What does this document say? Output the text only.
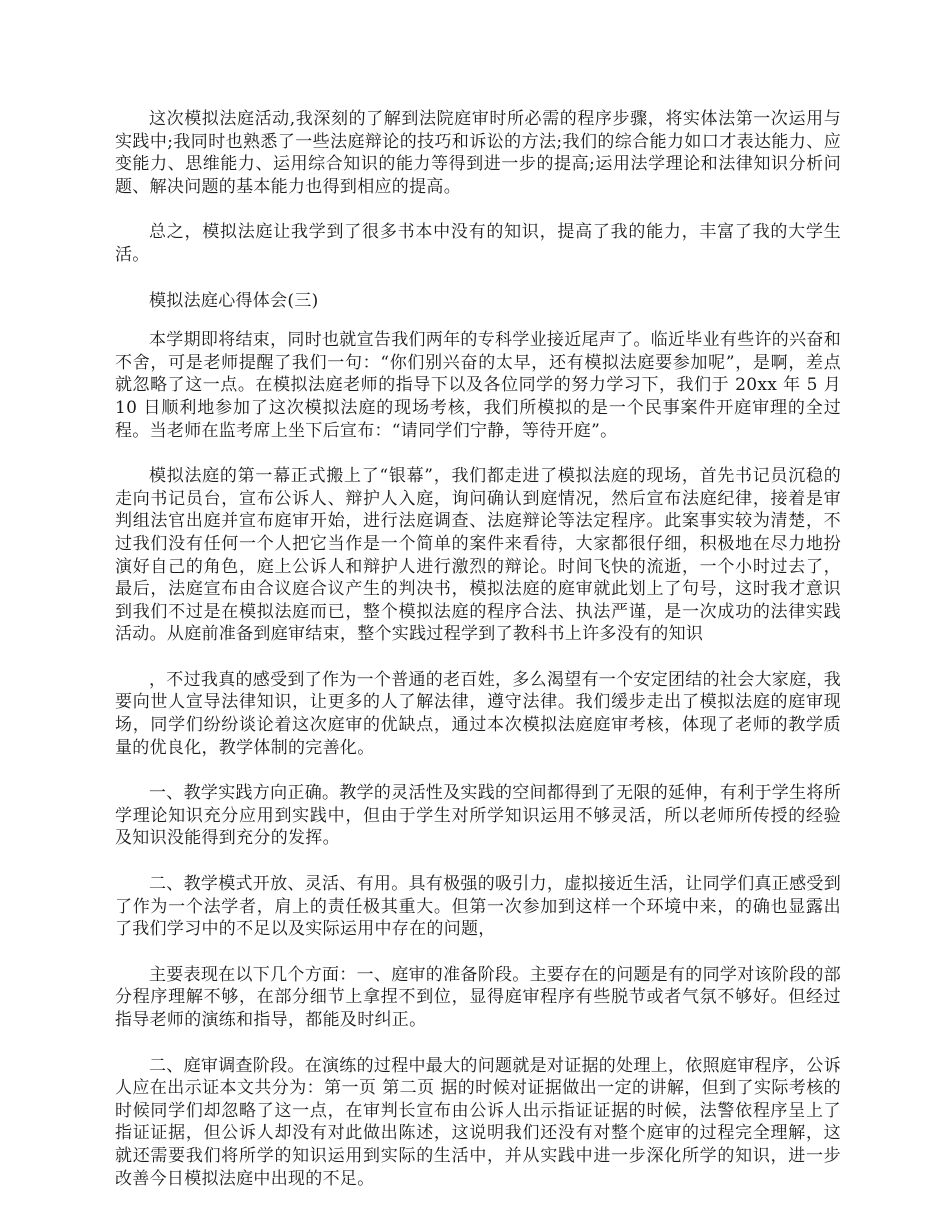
这次模拟法庭活动,我深刻的了解到法院庭审时所必需的程序步骤，将实体法第一次运用与实践中;我同时也熟悉了一些法庭辩论的技巧和诉讼的方法;我们的综合能力如口才表达能力、应变能力、思维能力、运用综合知识的能力等得到进一步的提高;运用法学理论和法律知识分析问题、解决问题的基本能力也得到相应的提高。

总之，模拟法庭让我学到了很多书本中没有的知识，提高了我的能力，丰富了我的大学生活。

模拟法庭心得体会(三)

本学期即将结束，同时也就宣告我们两年的专科学业接近尾声了。临近毕业有些许的兴奋和不舍，可是老师提醒了我们一句：“你们别兴奋的太早，还有模拟法庭要参加呢”，是啊，差点就忽略了这一点。在模拟法庭老师的指导下以及各位同学的努力学习下，我们于 20xx 年 5 月 10 日顺利地参加了这次模拟法庭的现场考核，我们所模拟的是一个民事案件开庭审理的全过程。当老师在监考席上坐下后宣布：“请同学们宁静，等待开庭”。

模拟法庭的第一幕正式搬上了“银幕”，我们都走进了模拟法庭的现场，首先书记员沉稳的走向书记员台，宣布公诉人、辩护人入庭，询问确认到庭情况，然后宣布法庭纪律，接着是审判组法官出庭并宣布庭审开始，进行法庭调查、法庭辩论等法定程序。此案事实较为清楚，不过我们没有任何一个人把它当作是一个简单的案件来看待，大家都很仔细，积极地在尽力地扮演好自己的角色，庭上公诉人和辩护人进行激烈的辩论。时间飞快的流逝，一个小时过去了，最后，法庭宣布由合议庭合议产生的判决书，模拟法庭的庭审就此划上了句号，这时我才意识到我们不过是在模拟法庭而已，整个模拟法庭的程序合法、执法严谨，是一次成功的法律实践活动。从庭前准备到庭审结束，整个实践过程学到了教科书上许多没有的知识

，不过我真的感受到了作为一个普通的老百姓，多么渴望有一个安定团结的社会大家庭，我要向世人宣导法律知识，让更多的人了解法律，遵守法律。我们缓步走出了模拟法庭的庭审现场，同学们纷纷谈论着这次庭审的优缺点，通过本次模拟法庭庭审考核，体现了老师的教学质量的优良化，教学体制的完善化。

一、教学实践方向正确。教学的灵活性及实践的空间都得到了无限的延伸，有利于学生将所学理论知识充分应用到实践中，但由于学生对所学知识运用不够灵活，所以老师所传授的经验及知识没能得到充分的发挥。

二、教学模式开放、灵活、有用。具有极强的吸引力，虚拟接近生活，让同学们真正感受到了作为一个法学者，肩上的责任极其重大。但第一次参加到这样一个环境中来，的确也显露出了我们学习中的不足以及实际运用中存在的问题，

主要表现在以下几个方面：一、庭审的准备阶段。主要存在的问题是有的同学对该阶段的部分程序理解不够，在部分细节上拿捏不到位，显得庭审程序有些脱节或者气氛不够好。但经过指导老师的演练和指导，都能及时纠正。

二、庭审调查阶段。在演练的过程中最大的问题就是对证据的处理上，依照庭审程序，公诉人应在出示证本文共分为：第一页 第二页 据的时候对证据做出一定的讲解，但到了实际考核的时候同学们却忽略了这一点，在审判长宣布由公诉人出示指证证据的时候，法警依程序呈上了指证证据，但公诉人却没有对此做出陈述，这说明我们还没有对整个庭审的过程完全理解，这就还需要我们将所学的知识运用到实际的生活中，并从实践中进一步深化所学的知识，进一步改善今日模拟法庭中出现的不足。
